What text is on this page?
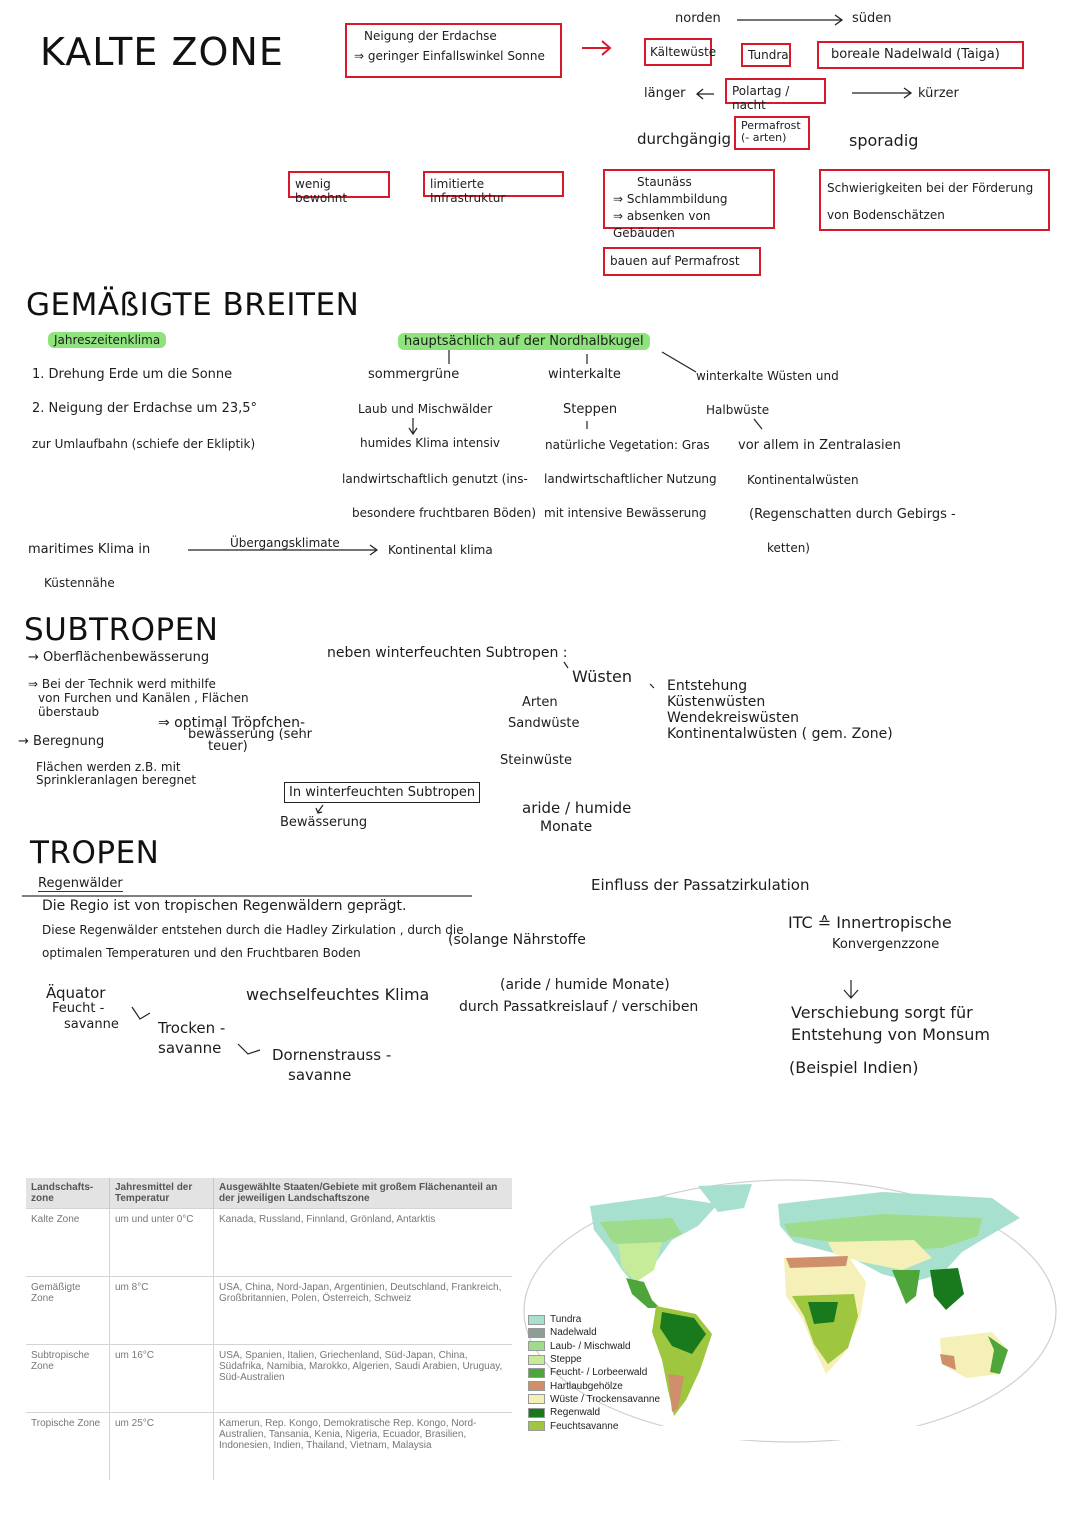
KALTE ZONE	Neigung der Erdachse
⇒ geringer Einfallswinkel Sonne
norden	süden
Kältewüste	Tundra	boreale Nadelwald (Taiga)
länger	Polartag / nacht
kürzer
durchgängig
Permafrost
(- arten)	sporadig
wenig bewohnt
limitierte Infrastruktur
Staunäss
⇒ Schlammbildung
⇒ absenken von Gebäuden
Schwierigkeiten bei der Förderung
von Bodenschätzen
bauen auf Permafrost
GEMÄßIGTE BREITEN
Jahreszeitenklima
1. Drehung Erde um die Sonne
2. Neigung der Erdachse um 23,5°
zur Umlaufbahn (schiefe der Ekliptik)
hauptsächlich auf der Nordhalbkugel
sommergrüne
Laub und Mischwälder
humides Klima intensiv
landwirtschaftlich genutzt (ins-
besondere fruchtbaren Böden)
winterkalte
Steppen
natürliche Vegetation: Gras
landwirtschaftlicher Nutzung
mit intensive Bewässerung
winterkalte Wüsten und
Halbwüste
vor allem in Zentralasien
Kontinentalwüsten
(Regenschatten durch Gebirgs -
ketten)
maritimes Klima in
Küstennähe
Übergangsklimate	Kontinental klima
SUBTROPEN
→ Oberflächenbewässerung
⇒ Bei der Technik werd mithilfe
von Furchen und Kanälen , Flächen
überstaub
→ Beregnung
⇒ optimal Tröpfchen-
bewässerung (sehr
teuer)
Flächen werden z.B. mit
Sprinkleranlagen beregnet
neben winterfeuchten Subtropen :
Wüsten
Arten
Sandwüste
Steinwüste
Entstehung
Küstenwüsten
Wendekreiswüsten
Kontinentalwüsten ( gem. Zone)
In winterfeuchten Subtropen
Bewässerung
aride / humide
Monate
TROPEN
Regenwälder
Die Regio ist von tropischen Regenwäldern geprägt.
Diese Regenwälder entstehen durch die Hadley Zirkulation , durch die
optimalen Temperaturen und den Fruchtbaren Boden
(solange Nährstoffe
Einfluss der Passatzirkulation
ITC ≙ Innertropische
Konvergenzzone
Verschiebung sorgt für
Entstehung von Monsum
(Beispiel Indien)
Äquator
Feucht -
savanne	Trocken -
savanne	Dornenstrauss -
savanne
wechselfeuchtes Klima	(aride / humide Monate)
durch Passatkreislauf / verschiben
Landschafts-zone	Jahresmittel der Temperatur	Ausgewählte Staaten/Gebiete mit großem Flächenanteil an der jeweiligen Landschaftszone
Kalte Zone	um und unter 0°C	Kanada, Russland, Finnland, Grönland, Antarktis
Gemäßigte Zone	um 8°C	USA, China, Nord-Japan, Argentinien, Deutschland, Frankreich, Großbritannien, Polen, Österreich, Schweiz
Subtropische Zone	um 16°C	USA, Spanien, Italien, Griechenland, Süd-Japan, China, Südafrika, Namibia, Marokko, Algerien, Saudi Arabien, Uruguay, Süd-Australien
Tropische Zone	um 25°C	Kamerun, Rep. Kongo, Demokratische Rep. Kongo, Nord-Australien, Tansania, Kenia, Nigeria, Ecuador, Brasilien, Indonesien, Indien, Thailand, Vietnam, Malaysia
Tundra
Nadelwald
Laub- / Mischwald
Steppe
Feucht- / Lorbeerwald
Hartlaubgehölze
Wüste / Trockensavanne
Regenwald
Feuchtsavanne
